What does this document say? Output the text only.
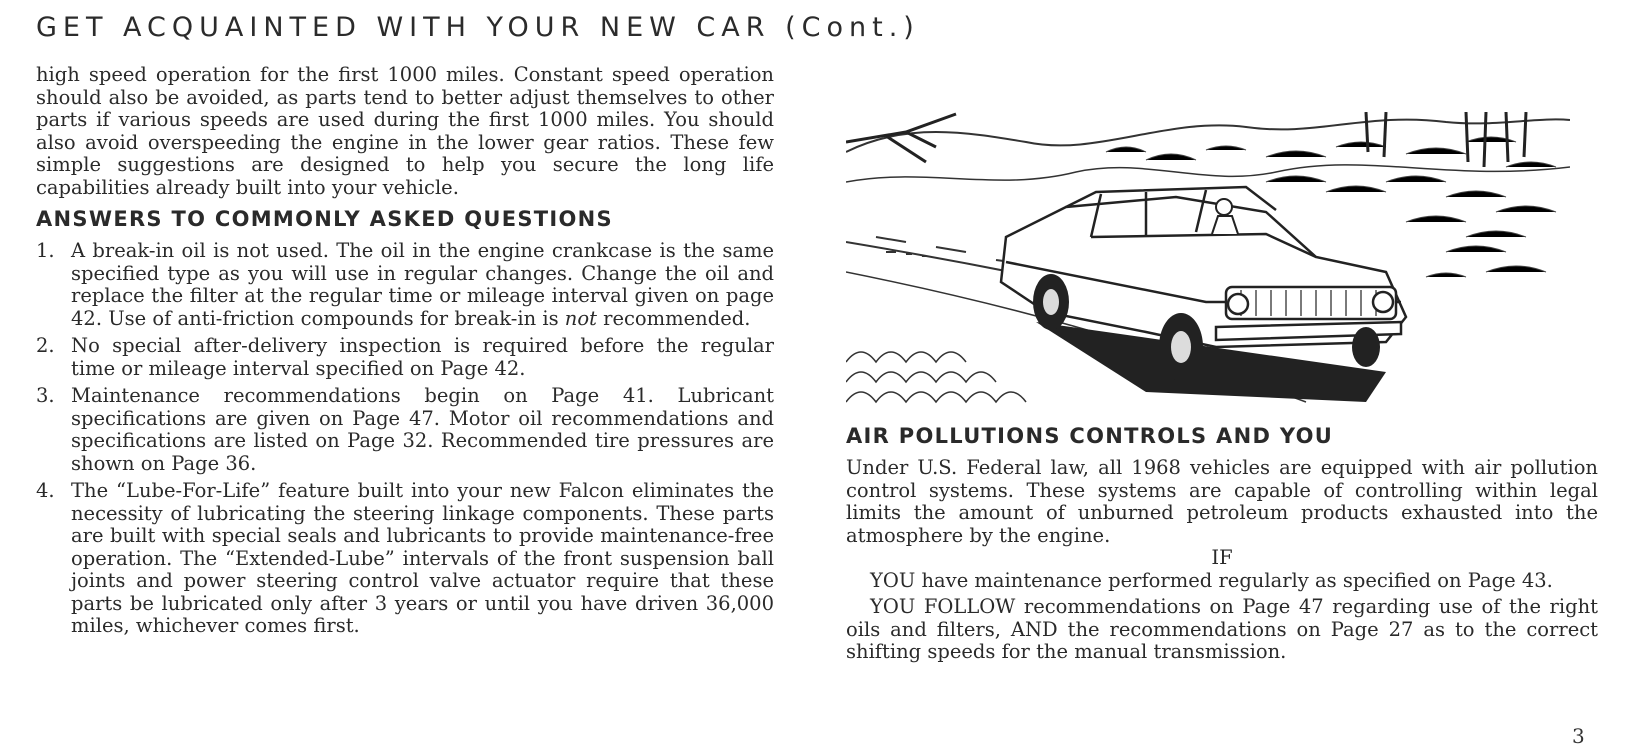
GET ACQUAINTED WITH YOUR NEW CAR (Cont.)

high speed operation for the first 1000 miles. Constant speed operation should also be avoided, as parts tend to better adjust themselves to other parts if various speeds are used during the first 1000 miles. You should also avoid overspeeding the engine in the lower gear ratios. These few simple suggestions are designed to help you secure the long life capabilities already built into your vehicle.

ANSWERS TO COMMONLY ASKED QUESTIONS
1. A break-in oil is not used. The oil in the engine crankcase is the same specified type as you will use in regular changes. Change the oil and replace the filter at the regular time or mileage interval given on page 42. Use of anti-friction compounds for break-in is not recommended.

2. No special after-delivery inspection is required before the regular time or mileage interval specified on Page 42.

3. Maintenance recommendations begin on Page 41. Lubricant specifications are given on Page 47. Motor oil recommendations and specifications are listed on Page 32. Recommended tire pressures are shown on Page 36.

4. The “Lube-For-Life” feature built into your new Falcon eliminates the necessity of lubricating the steering linkage components. These parts are built with special seals and lubricants to provide maintenance-free operation. The “Extended-Lube” intervals of the front suspension ball joints and power steering control valve actuator require that these parts be lubricated only after 3 years or until you have driven 36,000 miles, whichever comes first.

AIR POLLUTIONS CONTROLS AND YOU

Under U.S. Federal law, all 1968 vehicles are equipped with air pollution control systems. These systems are capable of controlling within legal limits the amount of unburned petroleum products exhausted into the atmosphere by the engine.

IF

YOU have maintenance performed regularly as specified on Page 43.

YOU FOLLOW recommendations on Page 47 regarding use of the right oils and filters, AND the recommendations on Page 27 as to the correct shifting speeds for the manual transmission.

3
